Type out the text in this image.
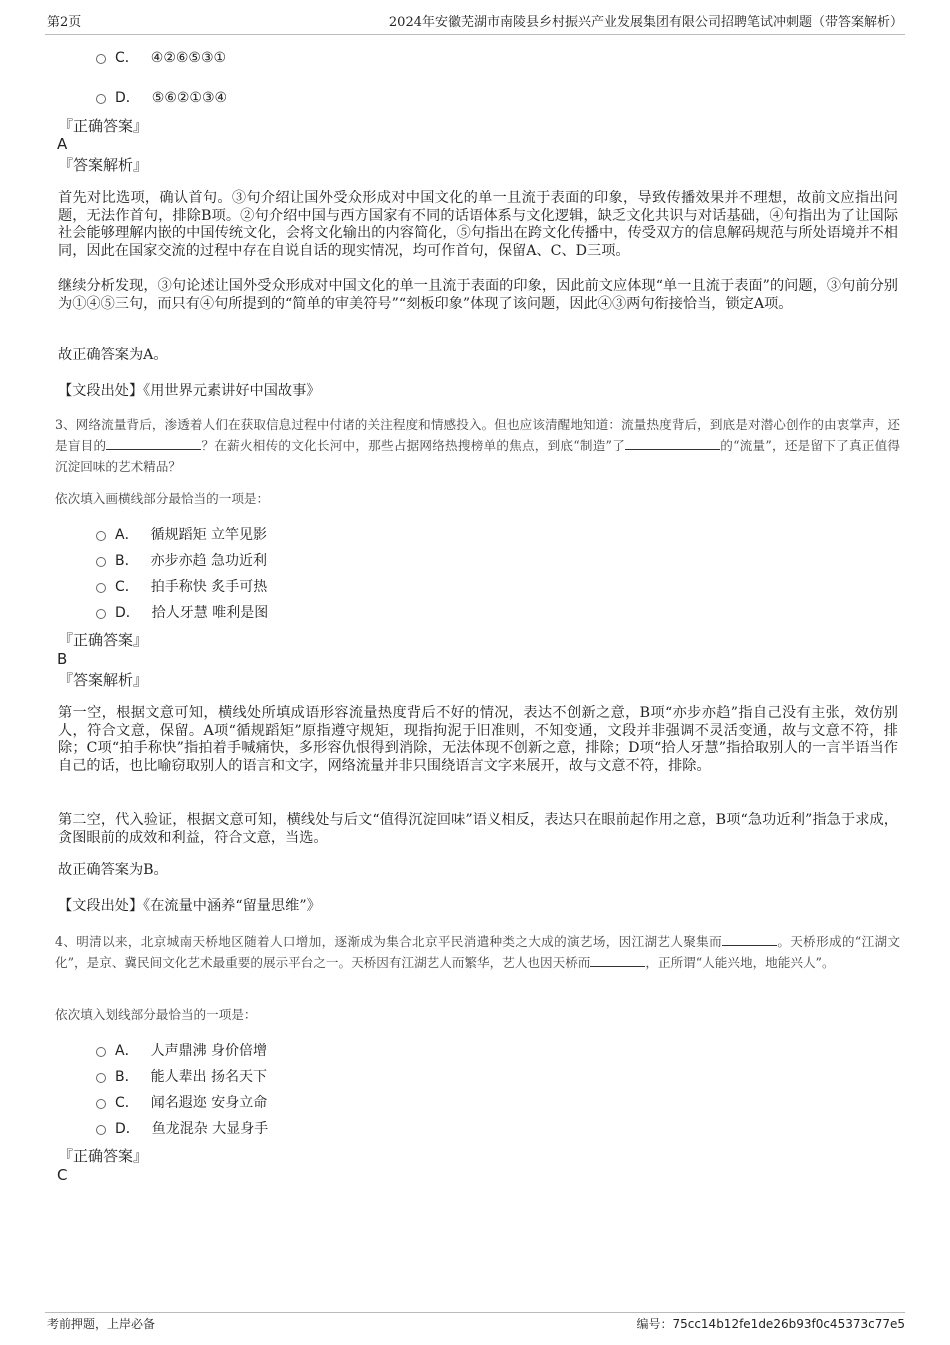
第2页	2024年安徽芜湖市南陵县乡村振兴产业发展集团有限公司招聘笔试冲刺题（带答案解析）
C． ④②⑥⑤③①
D． ⑤⑥②①③④
『正确答案』
A
『答案解析』
首先对比选项，确认首句。③句介绍让国外受众形成对中国文化的单一且流于表面的印象，导致传播效果并不理想，故前文应指出问题，无法作首句，排除B项。②句介绍中国与西方国家有不同的话语体系与文化逻辑，缺乏文化共识与对话基础，④句指出为了让国际社会能够理解内嵌的中国传统文化，会将文化输出的内容简化，⑤句指出在跨文化传播中，传受双方的信息解码规范与所处语境并不相同，因此在国家交流的过程中存在自说自话的现实情况，均可作首句，保留A、C、D三项。
继续分析发现，③句论述让国外受众形成对中国文化的单一且流于表面的印象，因此前文应体现“单一且流于表面”的问题，③句前分别为①④⑤三句，而只有④句所提到的“简单的审美符号”“刻板印象”体现了该问题，因此④③两句衔接恰当，锁定A项。
故正确答案为A。
【文段出处】《用世界元素讲好中国故事》
3、网络流量背后，渗透着人们在获取信息过程中付诸的关注程度和情感投入。但也应该清醒地知道：流量热度背后，到底是对潜心创作的由衷掌声，还是盲目的	？在薪火相传的文化长河中，那些占据网络热搜榜单的焦点，到底“制造”了	的“流量”，还是留下了真正值得沉淀回味的艺术精品？
依次填入画横线部分最恰当的一项是：
A． 循规蹈矩 立竿见影
B． 亦步亦趋 急功近利
C． 拍手称快 炙手可热
D． 拾人牙慧 唯利是图
『正确答案』
B
『答案解析』
第一空，根据文意可知，横线处所填成语形容流量热度背后不好的情况，表达不创新之意，B项“亦步亦趋”指自己没有主张，效仿别人，符合文意，保留。A项“循规蹈矩”原指遵守规矩，现指拘泥于旧准则，不知变通，文段并非强调不灵活变通，故与文意不符，排除；C项“拍手称快”指拍着手喊痛快，多形容仇恨得到消除，无法体现不创新之意，排除；D项“拾人牙慧”指拾取别人的一言半语当作自己的话，也比喻窃取别人的语言和文字，网络流量并非只围绕语言文字来展开，故与文意不符，排除。
第二空，代入验证，根据文意可知，横线处与后文“值得沉淀回味”语义相反，表达只在眼前起作用之意，B项“急功近利”指急于求成，贪图眼前的成效和利益，符合文意，当选。
故正确答案为B。
【文段出处】《在流量中涵养“留量思维”》
4、明清以来，北京城南天桥地区随着人口增加，逐渐成为集合北京平民消遣种类之大成的演艺场，因江湖艺人聚集而	。天桥形成的“江湖文化”，是京、冀民间文化艺术最重要的展示平台之一。天桥因有江湖艺人而繁华，艺人也因天桥而	，正所谓“人能兴地，地能兴人”。
依次填入划线部分最恰当的一项是：
A． 人声鼎沸 身价倍增
B． 能人辈出 扬名天下
C． 闻名遐迩 安身立命
D． 鱼龙混杂 大显身手
『正确答案』
C
考前押题，上岸必备	编号：75cc14b12fe1de26b93f0c45373c77e5
